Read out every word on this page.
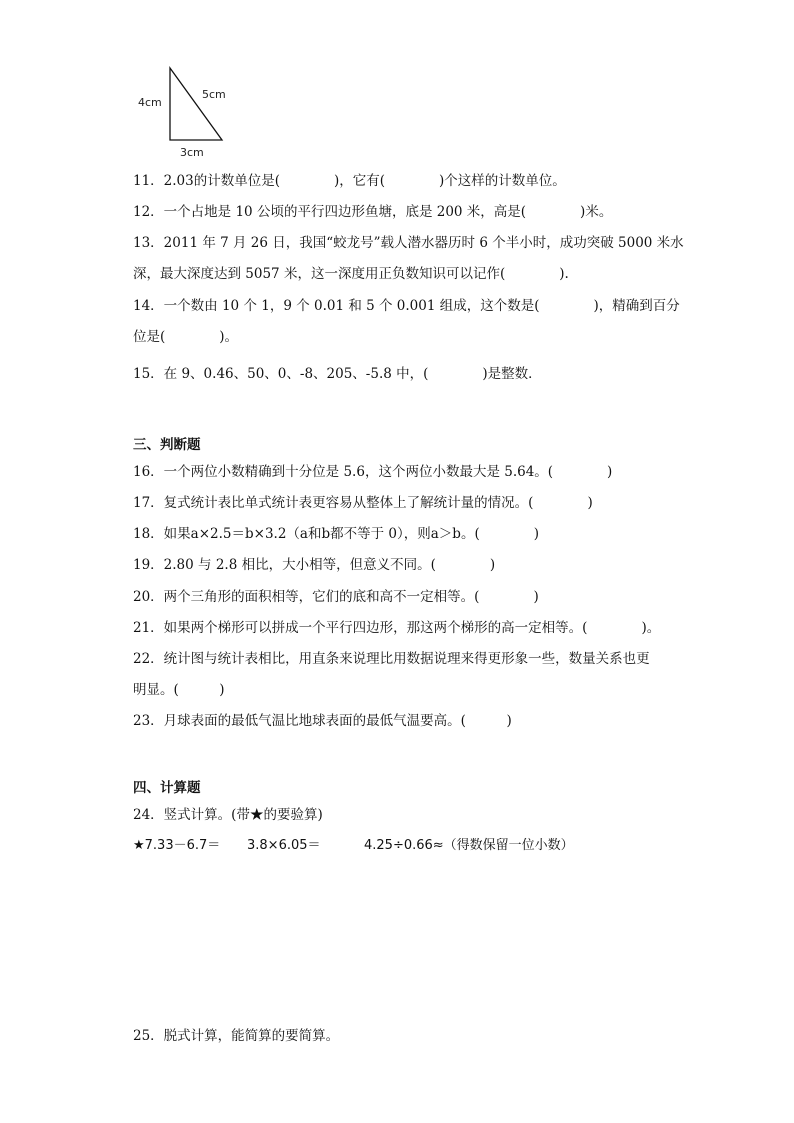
4cm
5cm
3cm
11．2.03的计数单位是(　　　　)，它有(　　　　)个这样的计数单位。
12．一个占地是 10 公顷的平行四边形鱼塘，底是 200 米，高是(　　　　)米。
13．2011 年 7 月 26 日，我国“蛟龙号”载人潜水器历时 6 个半小时，成功突破 5000 米水
深，最大深度达到 5057 米，这一深度用正负数知识可以记作(　　　　).
14．一个数由 10 个 1，9 个 0.01 和 5 个 0.001 组成，这个数是(　　　　)，精确到百分
位是(　　　　)。
15．在 9、0.46、50、0、-8、205、-5.8 中，(　　　　)是整数．
三、判断题
16．一个两位小数精确到十分位是 5.6，这个两位小数最大是 5.64。(　　　　)
17．复式统计表比单式统计表更容易从整体上了解统计量的情况。(　　　　)
18．如果a×2.5＝b×3.2（a和b都不等于 0），则a＞b。(　　　　)
19．2.80 与 2.8 相比，大小相等，但意义不同。(　　　　)
20．两个三角形的面积相等，它们的底和高不一定相等。(　　　　)
21．如果两个梯形可以拼成一个平行四边形，那这两个梯形的高一定相等。(　　　　)。
22．统计图与统计表相比，用直条来说理比用数据说理来得更形象一些，数量关系也更
明显。(　　　)
23．月球表面的最低气温比地球表面的最低气温要高。(　　　)
四、计算题
24．竖式计算。(带★的要验算)
★7.33－6.7＝ 3.8×6.05＝	4.25÷0.66≈（得数保留一位小数）
25．脱式计算，能简算的要简算。
